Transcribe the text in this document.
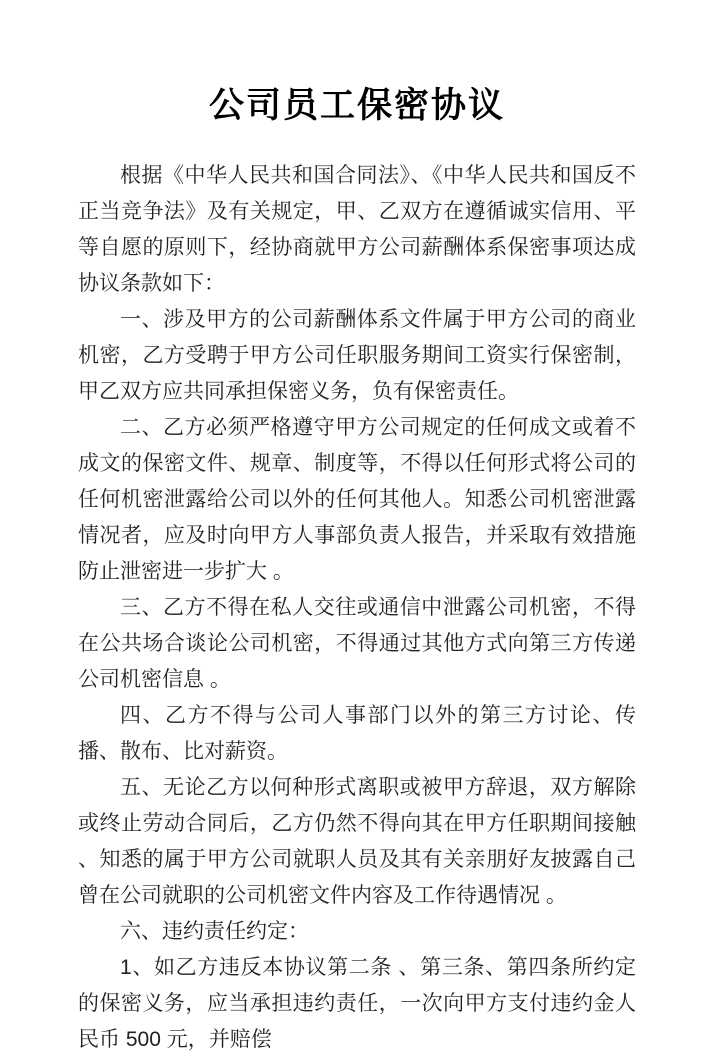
公司员工保密协议

根据《中华人民共和国合同法》、《中华人民共和国反不正当竞争法》及有关规定，甲、乙双方在遵循诚实信用、平等自愿的原则下，经协商就甲方公司薪酬体系保密事项达成协议条款如下：

一、涉及甲方的公司薪酬体系文件属于甲方公司的商业机密，乙方受聘于甲方公司任职服务期间工资实行保密制，甲乙双方应共同承担保密义务，负有保密责任。

二、乙方必须严格遵守甲方公司规定的任何成文或着不成文的保密文件、规章、制度等，不得以任何形式将公司的任何机密泄露给公司以外的任何其他人。知悉公司机密泄露情况者，应及时向甲方人事部负责人报告，并采取有效措施防止泄密进一步扩大 。

三、乙方不得在私人交往或通信中泄露公司机密，不得在公共场合谈论公司机密，不得通过其他方式向第三方传递公司机密信息 。

四、乙方不得与公司人事部门以外的第三方讨论、传播、散布、比对薪资。

五、无论乙方以何种形式离职或被甲方辞退，双方解除或终止劳动合同后，乙方仍然不得向其在甲方任职期间接触 、知悉的属于甲方公司就职人员及其有关亲朋好友披露自己曾在公司就职的公司机密文件内容及工作待遇情况 。

六、违约责任约定：

1、如乙方违反本协议第二条 、第三条、第四条所约定的保密义务，应当承担违约责任，一次向甲方支付违约金人民币 500 元，并赔偿
